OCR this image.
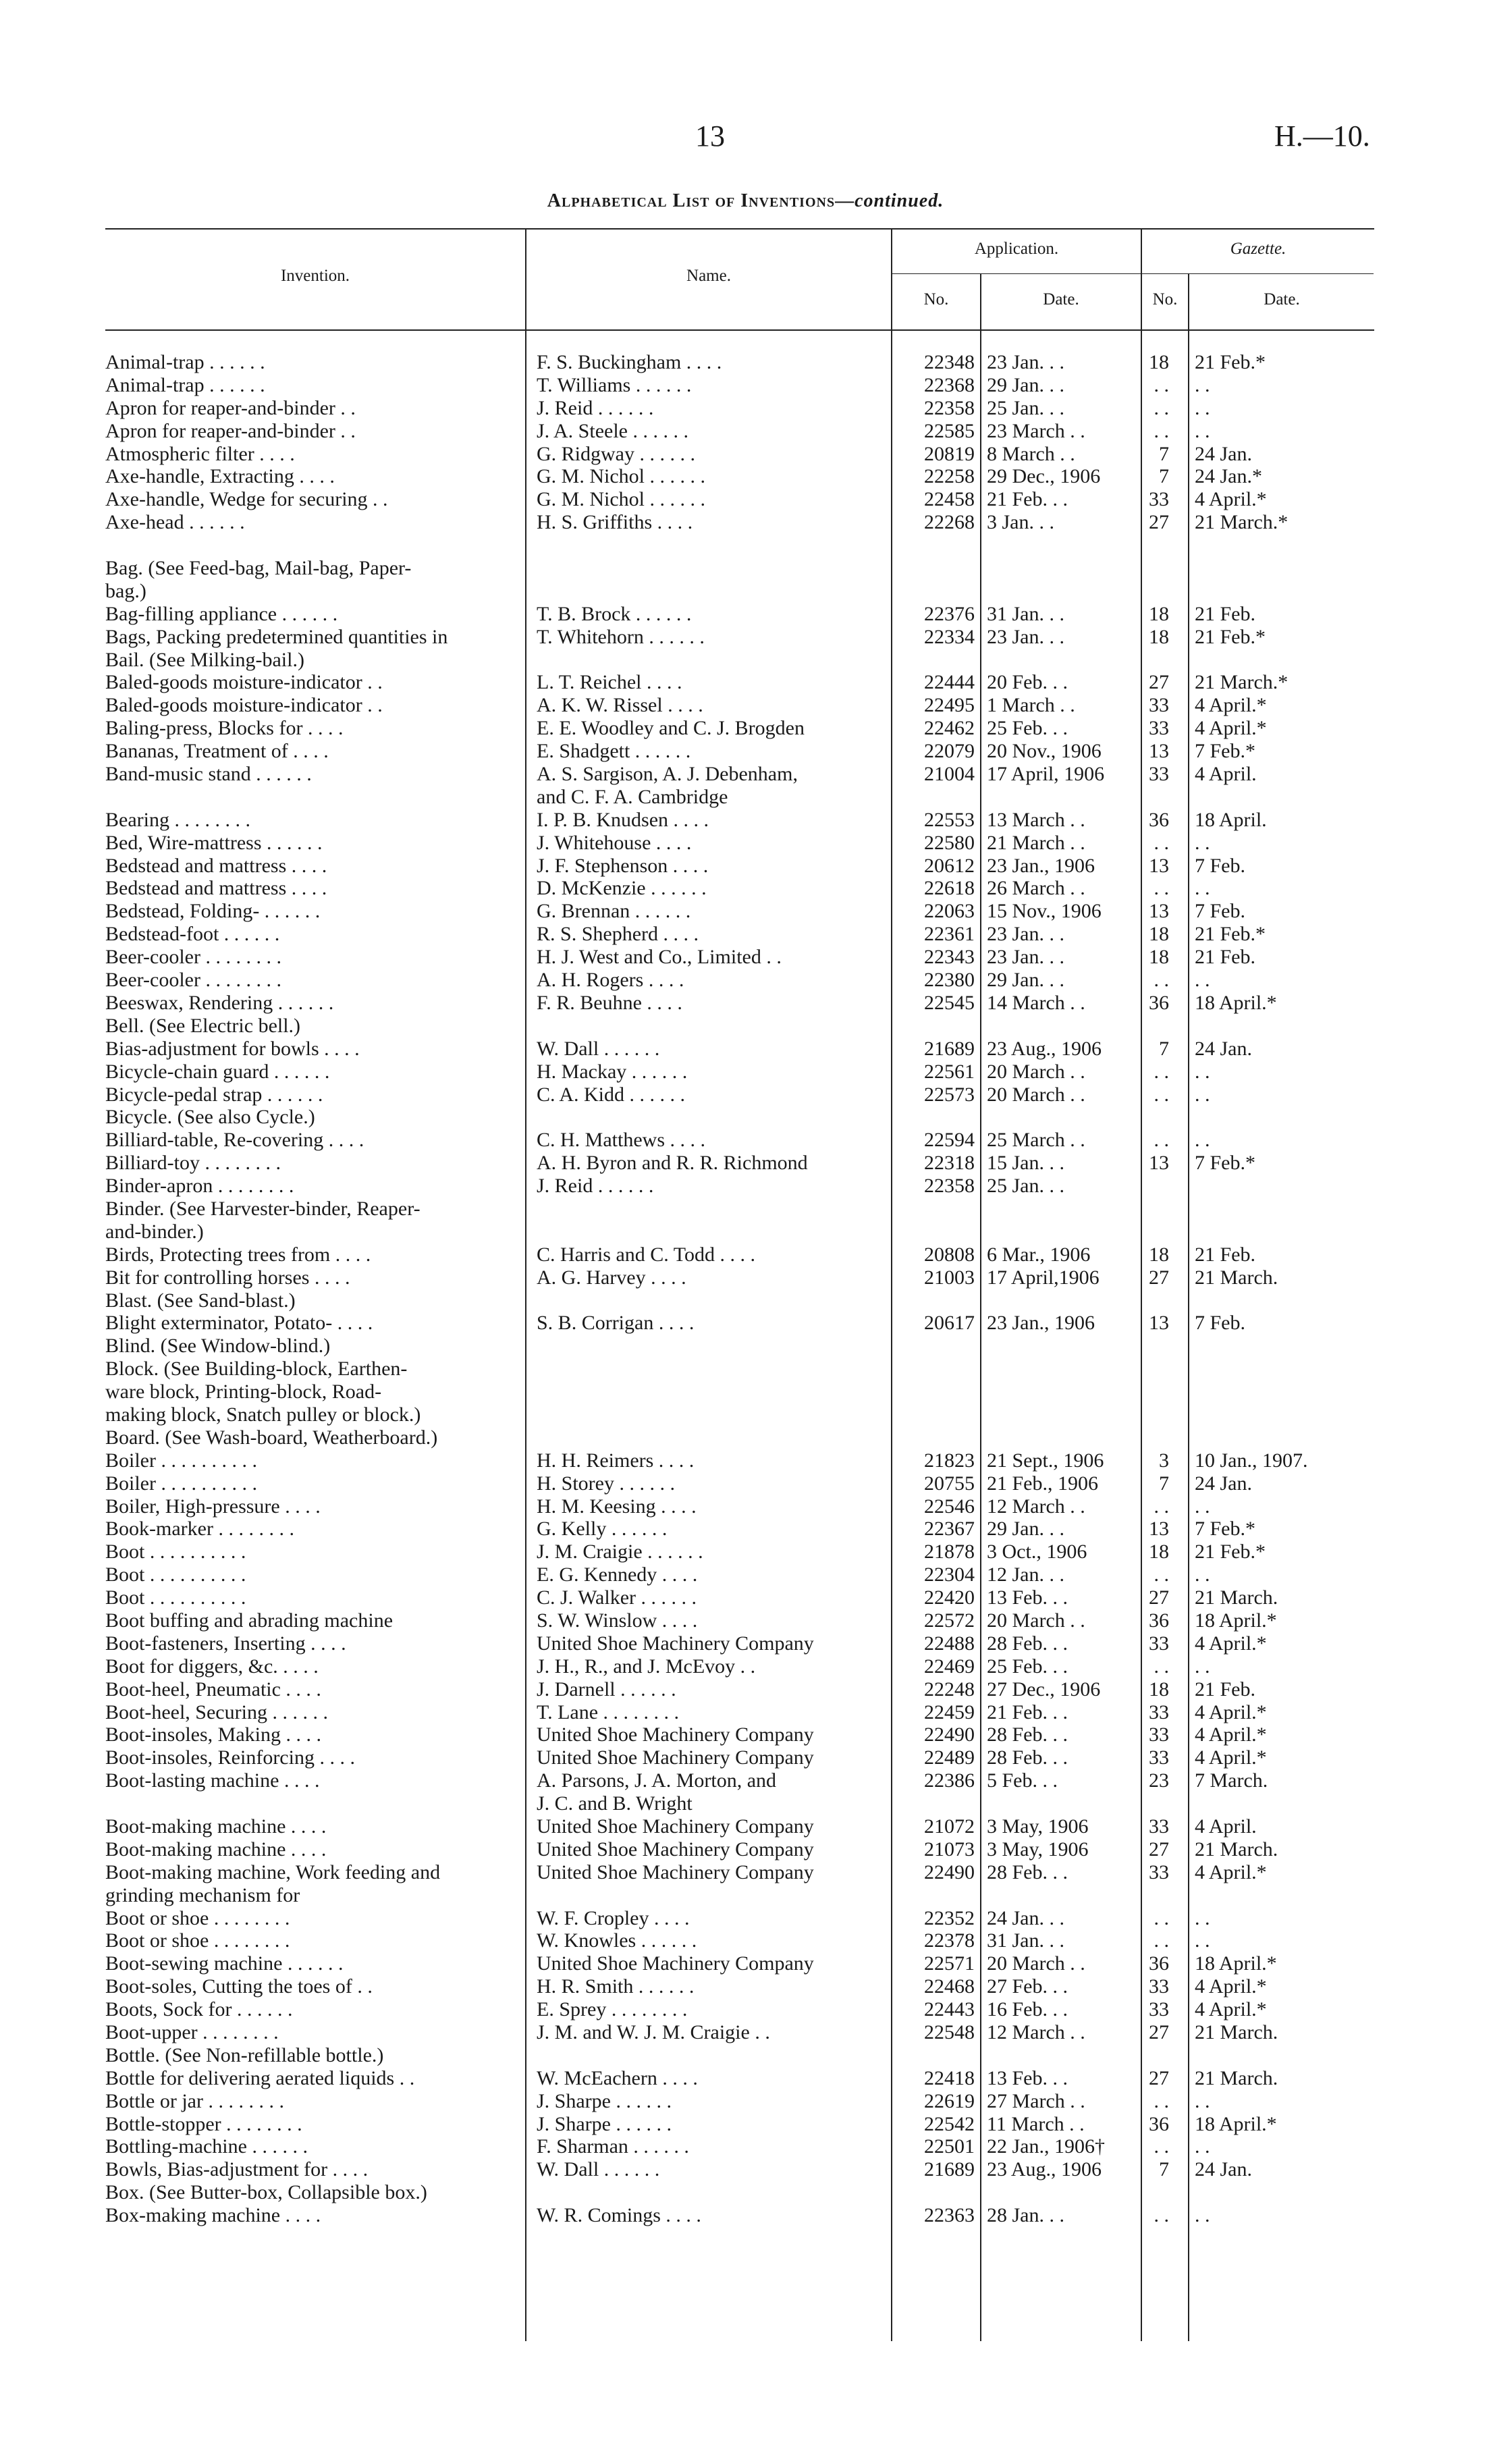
13	H.—10.
Alphabetical List of Inventions—continued.
Invention.	Name.
Application.	Gazette.
No.	Date.	No.	Date.
Animal-trap . . . . . .	F. S. Buckingham . . . .	22348 23 Jan. . .	18 21 Feb.*
Animal-trap . . . . . .	T. Williams . . . . . .	22368 29 Jan. . .	. . . .
Apron for reaper-and-binder . .	J. Reid . . . . . .	22358 25 Jan. . .	. . . .
Apron for reaper-and-binder . .	J. A. Steele . . . . . .	22585 23 March . .	. . . .
Atmospheric filter . . . .	G. Ridgway . . . . . .	20819 8 March . .	7 24 Jan.
Axe-handle, Extracting . . . .	G. M. Nichol . . . . . .	22258 29 Dec., 1906	7 24 Jan.*
Axe-handle, Wedge for securing . .	G. M. Nichol . . . . . .	22458 21 Feb. . .	33 4 April.*
Axe-head . . . . . .	H. S. Griffiths . . . .	22268 3 Jan. . .	27 21 March.*
Bag. (See Feed-bag, Mail-bag, Paper-
bag.)
Bag-filling appliance . . . . . .	T. B. Brock . . . . . .	22376 31 Jan. . .	18 21 Feb.
Bags, Packing predetermined quantities in	T. Whitehorn . . . . . .	22334 23 Jan. . .	18 21 Feb.*
Bail. (See Milking-bail.)
Baled-goods moisture-indicator . .	L. T. Reichel . . . .	22444 20 Feb. . .	27 21 March.*
Baled-goods moisture-indicator . .	A. K. W. Rissel . . . .	22495 1 March . .	33 4 April.*
Baling-press, Blocks for . . . .	E. E. Woodley and C. J. Brogden	22462 25 Feb. . .	33 4 April.*
Bananas, Treatment of . . . .	E. Shadgett . . . . . .	22079 20 Nov., 1906	13 7 Feb.*
Band-music stand . . . . . .	A. S. Sargison, A. J. Debenham,	21004 17 April, 1906	33 4 April.
and C. F. A. Cambridge
Bearing . . . . . . . .	I. P. B. Knudsen . . . .	22553 13 March . .	36 18 April.
Bed, Wire-mattress . . . . . .	J. Whitehouse . . . .	22580 21 March . .	. . . .
Bedstead and mattress . . . .	J. F. Stephenson . . . .	20612 23 Jan., 1906	13 7 Feb.
Bedstead and mattress . . . .	D. McKenzie . . . . . .	22618 26 March . .	. . . .
Bedstead, Folding- . . . . . .	G. Brennan . . . . . .	22063 15 Nov., 1906	13 7 Feb.
Bedstead-foot . . . . . .	R. S. Shepherd . . . .	22361 23 Jan. . .	18 21 Feb.*
Beer-cooler . . . . . . . .	H. J. West and Co., Limited . .	22343 23 Jan. . .	18 21 Feb.
Beer-cooler . . . . . . . .	A. H. Rogers . . . .	22380 29 Jan. . .	. . . .
Beeswax, Rendering . . . . . .	F. R. Beuhne . . . .	22545 14 March . .	36 18 April.*
Bell. (See Electric bell.)
Bias-adjustment for bowls . . . .	W. Dall . . . . . .	21689 23 Aug., 1906	7 24 Jan.
Bicycle-chain guard . . . . . .	H. Mackay . . . . . .	22561 20 March . .	. . . .
Bicycle-pedal strap . . . . . .	C. A. Kidd . . . . . .	22573 20 March . .	. . . .
Bicycle. (See also Cycle.)
Billiard-table, Re-covering . . . .	C. H. Matthews . . . .	22594 25 March . .	. . . .
Billiard-toy . . . . . . . .	A. H. Byron and R. R. Richmond	22318 15 Jan. . .	13 7 Feb.*
Binder-apron . . . . . . . .	J. Reid . . . . . .	22358 25 Jan. . .
Binder. (See Harvester-binder, Reaper-
and-binder.)
Birds, Protecting trees from . . . .	C. Harris and C. Todd . . . .	20808 6 Mar., 1906	18 21 Feb.
Bit for controlling horses . . . .	A. G. Harvey . . . .	21003 17 April,1906	27 21 March.
Blast. (See Sand-blast.)
Blight exterminator, Potato- . . . .	S. B. Corrigan . . . .	20617 23 Jan., 1906	13 7 Feb.
Blind. (See Window-blind.)
Block. (See Building-block, Earthen-
ware block, Printing-block, Road-
making block, Snatch pulley or block.)
Board. (See Wash-board, Weatherboard.)
Boiler . . . . . . . . . .	H. H. Reimers . . . .	21823 21 Sept., 1906	3 10 Jan., 1907.
Boiler . . . . . . . . . .	H. Storey . . . . . .	20755 21 Feb., 1906	7 24 Jan.
Boiler, High-pressure . . . .	H. M. Keesing . . . .	22546 12 March . .	. . . .
Book-marker . . . . . . . .	G. Kelly . . . . . .	22367 29 Jan. . .	13 7 Feb.*
Boot . . . . . . . . . .	J. M. Craigie . . . . . .	21878 3 Oct., 1906	18 21 Feb.*
Boot . . . . . . . . . .	E. G. Kennedy . . . .	22304 12 Jan. . .	. . . .
Boot . . . . . . . . . .	C. J. Walker . . . . . .	22420 13 Feb. . .	27 21 March.
Boot buffing and abrading machine	S. W. Winslow . . . .	22572 20 March . .	36 18 April.*
Boot-fasteners, Inserting . . . .	United Shoe Machinery Company	22488 28 Feb. . .	33 4 April.*
Boot for diggers, &c. . . . .	J. H., R., and J. McEvoy . .	22469 25 Feb. . .	. . . .
Boot-heel, Pneumatic . . . .	J. Darnell . . . . . .	22248 27 Dec., 1906	18 21 Feb.
Boot-heel, Securing . . . . . .	T. Lane . . . . . . . .	22459 21 Feb. . .	33 4 April.*
Boot-insoles, Making . . . .	United Shoe Machinery Company	22490 28 Feb. . .	33 4 April.*
Boot-insoles, Reinforcing . . . .	United Shoe Machinery Company	22489 28 Feb. . .	33 4 April.*
Boot-lasting machine . . . .	A. Parsons, J. A. Morton, and	22386 5 Feb. . .	23 7 March.
J. C. and B. Wright
Boot-making machine . . . .	United Shoe Machinery Company	21072 3 May, 1906	33 4 April.
Boot-making machine . . . .	United Shoe Machinery Company	21073 3 May, 1906	27 21 March.
Boot-making machine, Work feeding and	United Shoe Machinery Company	22490 28 Feb. . .	33 4 April.*
grinding mechanism for
Boot or shoe . . . . . . . .	W. F. Cropley . . . .	22352 24 Jan. . .	. . . .
Boot or shoe . . . . . . . .	W. Knowles . . . . . .	22378 31 Jan. . .	. . . .
Boot-sewing machine . . . . . .	United Shoe Machinery Company	22571 20 March . .	36 18 April.*
Boot-soles, Cutting the toes of . .	H. R. Smith . . . . . .	22468 27 Feb. . .	33 4 April.*
Boots, Sock for . . . . . .	E. Sprey . . . . . . . .	22443 16 Feb. . .	33 4 April.*
Boot-upper . . . . . . . .	J. M. and W. J. M. Craigie . .	22548 12 March . .	27 21 March.
Bottle. (See Non-refillable bottle.)
Bottle for delivering aerated liquids . .	W. McEachern . . . .	22418 13 Feb. . .	27 21 March.
Bottle or jar . . . . . . . .	J. Sharpe . . . . . .	22619 27 March . .	. . . .
Bottle-stopper . . . . . . . .	J. Sharpe . . . . . .	22542 11 March . .	36 18 April.*
Bottling-machine . . . . . .	F. Sharman . . . . . .	22501 22 Jan., 1906†	. . . .
Bowls, Bias-adjustment for . . . .	W. Dall . . . . . .	21689 23 Aug., 1906	7 24 Jan.
Box. (See Butter-box, Collapsible box.)
Box-making machine . . . .	W. R. Comings . . . .	22363 28 Jan. . .	. . . .
